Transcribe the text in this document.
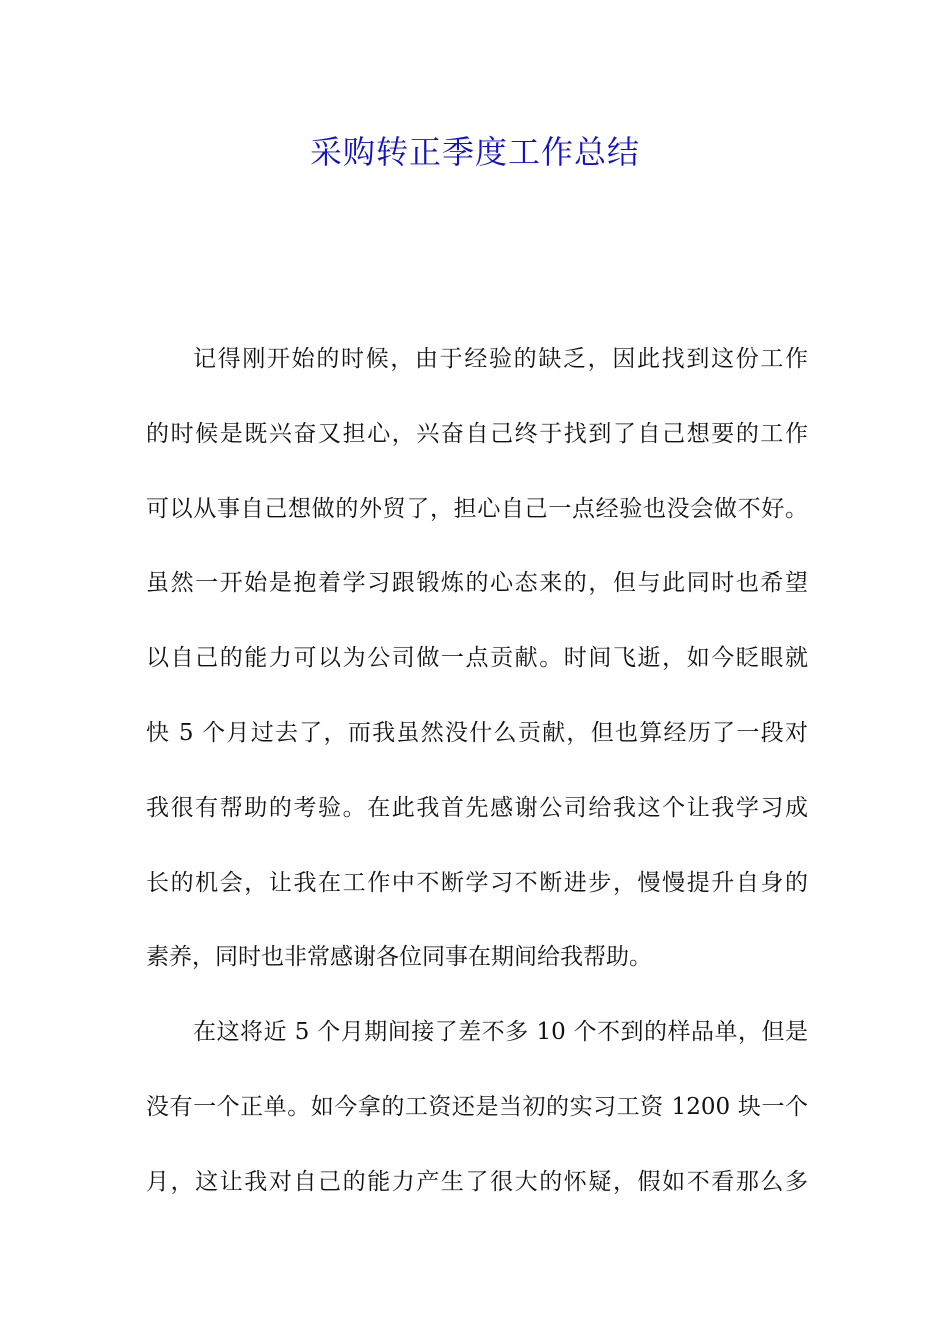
采购转正季度工作总结
记得刚开始的时候，由于经验的缺乏，因此找到这份工作
的时候是既兴奋又担心，兴奋自己终于找到了自己想要的工作
可以从事自己想做的外贸了，担心自己一点经验也没会做不好。
虽然一开始是抱着学习跟锻炼的心态来的，但与此同时也希望
以自己的能力可以为公司做一点贡献。时间飞逝，如今眨眼就
快 5 个月过去了，而我虽然没什么贡献，但也算经历了一段对
我很有帮助的考验。在此我首先感谢公司给我这个让我学习成
长的机会，让我在工作中不断学习不断进步，慢慢提升自身的
素养，同时也非常感谢各位同事在期间给我帮助。
在这将近 5 个月期间接了差不多 10 个不到的样品单，但是
没有一个正单。如今拿的工资还是当初的实习工资 1200 块一个
月，这让我对自己的能力产生了很大的怀疑，假如不看那么多
